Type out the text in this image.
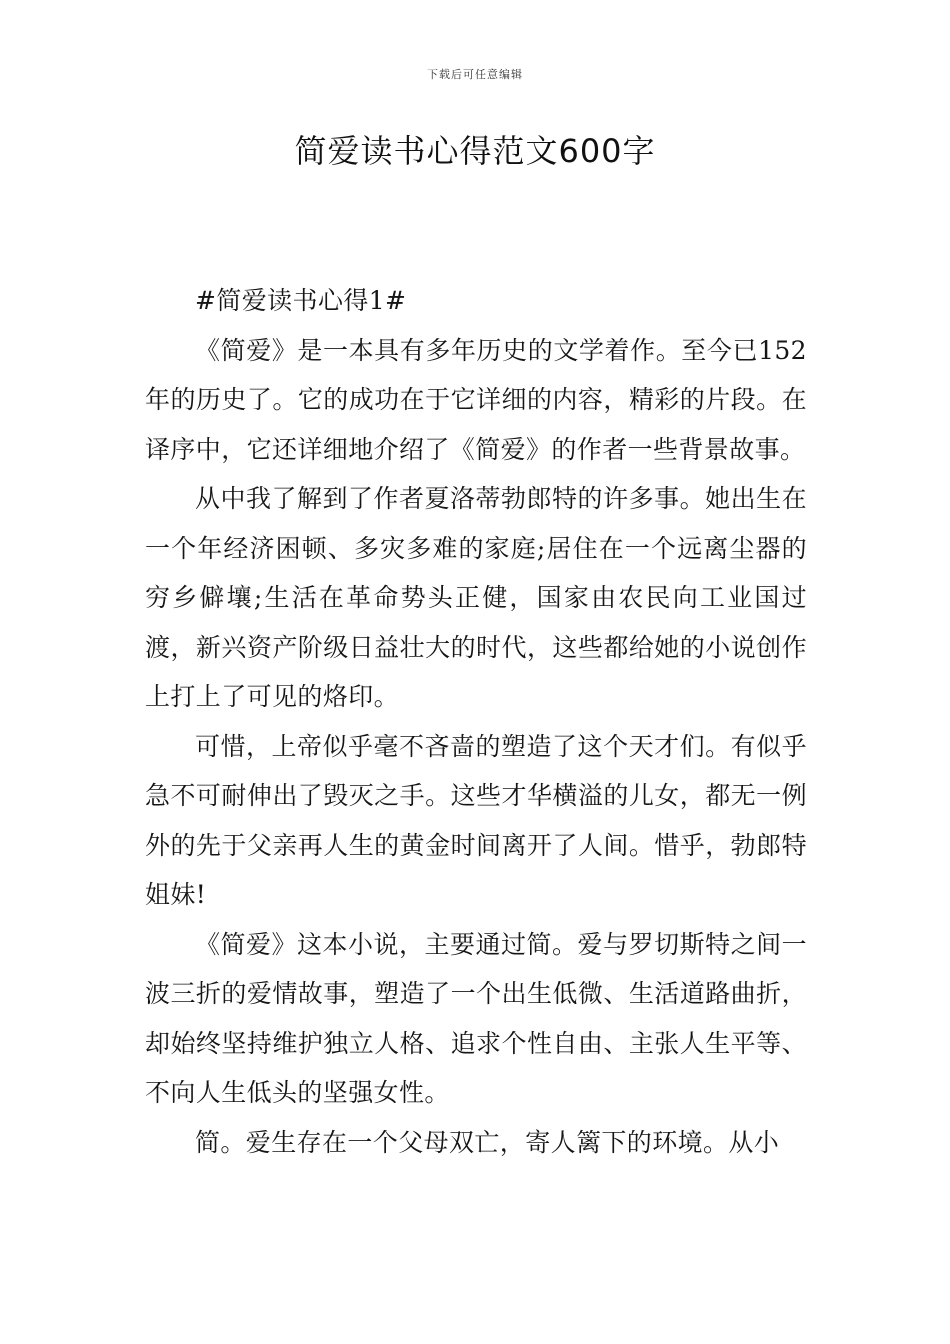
下载后可任意编辑
简爱读书心得范文600字

#简爱读书心得1#

《简爱》是一本具有多年历史的文学着作。至今已152年的历史了。它的成功在于它详细的内容，精彩的片段。在译序中，它还详细地介绍了《简爱》的作者一些背景故事。

从中我了解到了作者夏洛蒂勃郎特的许多事。她出生在一个年经济困顿、多灾多难的家庭;居住在一个远离尘器的穷乡僻壤;生活在革命势头正健，国家由农民向工业国过渡，新兴资产阶级日益壮大的时代，这些都给她的小说创作上打上了可见的烙印。

可惜，上帝似乎毫不吝啬的塑造了这个天才们。有似乎急不可耐伸出了毁灭之手。这些才华横溢的儿女，都无一例外的先于父亲再人生的黄金时间离开了人间。惜乎，勃郎特姐妹!

《简爱》这本小说，主要通过简。爱与罗切斯特之间一波三折的爱情故事，塑造了一个出生低微、生活道路曲折，却始终坚持维护独立人格、追求个性自由、主张人生平等、不向人生低头的坚强女性。

简。爱生存在一个父母双亡，寄人篱下的环境。从小
